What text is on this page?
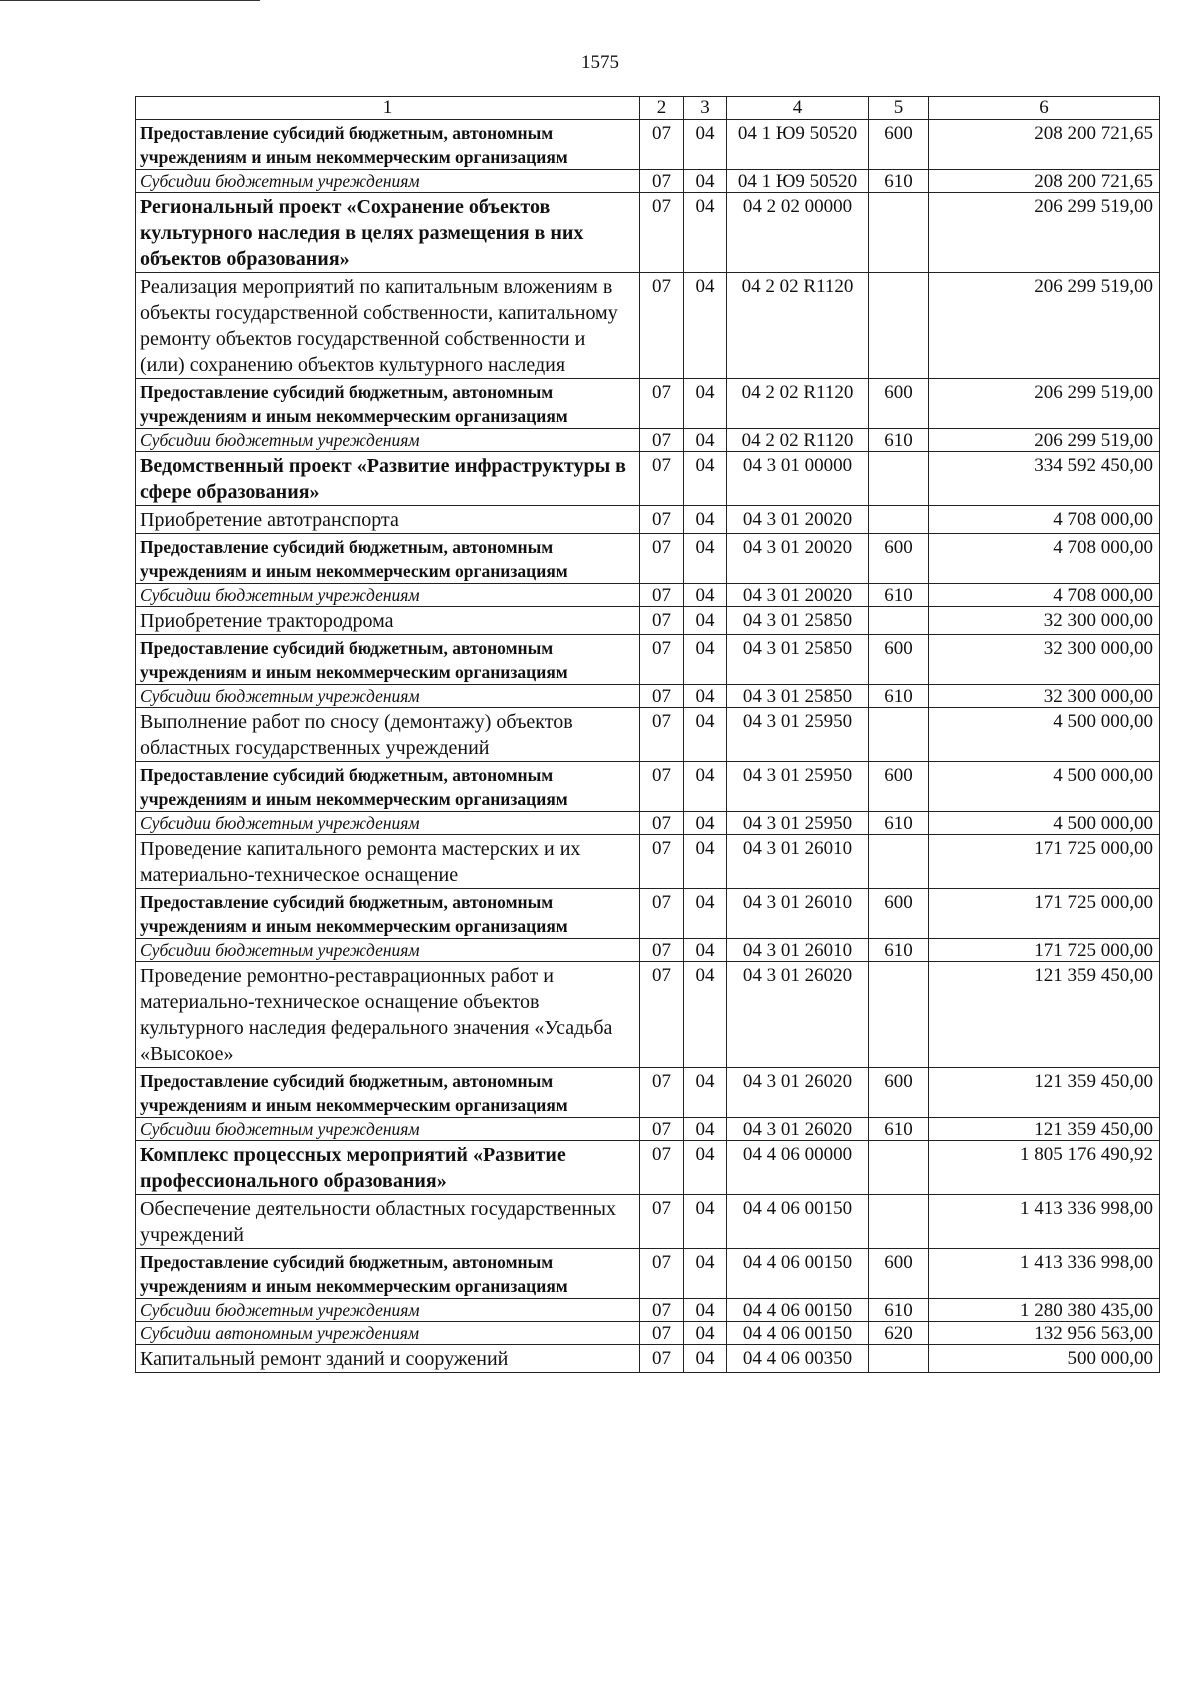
1575
1	2	3	4	5	6
Предоставление субсидий бюджетным, автономным учреждениям и иным некоммерческим организациям	07	04	04 1 Ю9 50520	600	208 200 721,65
Субсидии бюджетным учреждениям	07	04	04 1 Ю9 50520	610	208 200 721,65
Региональный проект «Сохранение объектов культурного наследия в целях размещения в них объектов образования»	07	04	04 2 02 00000		206 299 519,00
Реализация мероприятий по капитальным вложениям в объекты государственной собственности, капитальному ремонту объектов государственной собственности и (или) сохранению объектов культурного наследия	07	04	04 2 02 R1120		206 299 519,00
Предоставление субсидий бюджетным, автономным учреждениям и иным некоммерческим организациям	07	04	04 2 02 R1120	600	206 299 519,00
Субсидии бюджетным учреждениям	07	04	04 2 02 R1120	610	206 299 519,00
Ведомственный проект «Развитие инфраструктуры в сфере образования»	07	04	04 3 01 00000		334 592 450,00
Приобретение автотранспорта	07	04	04 3 01 20020		4 708 000,00
Предоставление субсидий бюджетным, автономным учреждениям и иным некоммерческим организациям	07	04	04 3 01 20020	600	4 708 000,00
Субсидии бюджетным учреждениям	07	04	04 3 01 20020	610	4 708 000,00
Приобретение трактородрома	07	04	04 3 01 25850		32 300 000,00
Предоставление субсидий бюджетным, автономным учреждениям и иным некоммерческим организациям	07	04	04 3 01 25850	600	32 300 000,00
Субсидии бюджетным учреждениям	07	04	04 3 01 25850	610	32 300 000,00
Выполнение работ по сносу (демонтажу) объектов областных государственных учреждений	07	04	04 3 01 25950		4 500 000,00
Предоставление субсидий бюджетным, автономным учреждениям и иным некоммерческим организациям	07	04	04 3 01 25950	600	4 500 000,00
Субсидии бюджетным учреждениям	07	04	04 3 01 25950	610	4 500 000,00
Проведение капитального ремонта мастерских и их материально-техническое оснащение	07	04	04 3 01 26010		171 725 000,00
Предоставление субсидий бюджетным, автономным учреждениям и иным некоммерческим организациям	07	04	04 3 01 26010	600	171 725 000,00
Субсидии бюджетным учреждениям	07	04	04 3 01 26010	610	171 725 000,00
Проведение ремонтно-реставрационных работ и материально-техническое оснащение объектов культурного наследия федерального значения «Усадьба «Высокое»	07	04	04 3 01 26020		121 359 450,00
Предоставление субсидий бюджетным, автономным учреждениям и иным некоммерческим организациям	07	04	04 3 01 26020	600	121 359 450,00
Субсидии бюджетным учреждениям	07	04	04 3 01 26020	610	121 359 450,00
Комплекс процессных мероприятий «Развитие профессионального образования»	07	04	04 4 06 00000		1 805 176 490,92
Обеспечение деятельности областных государственных учреждений	07	04	04 4 06 00150		1 413 336 998,00
Предоставление субсидий бюджетным, автономным учреждениям и иным некоммерческим организациям	07	04	04 4 06 00150	600	1 413 336 998,00
Субсидии бюджетным учреждениям	07	04	04 4 06 00150	610	1 280 380 435,00
Субсидии автономным учреждениям	07	04	04 4 06 00150	620	132 956 563,00
Капитальный ремонт зданий и сооружений	07	04	04 4 06 00350		500 000,00
